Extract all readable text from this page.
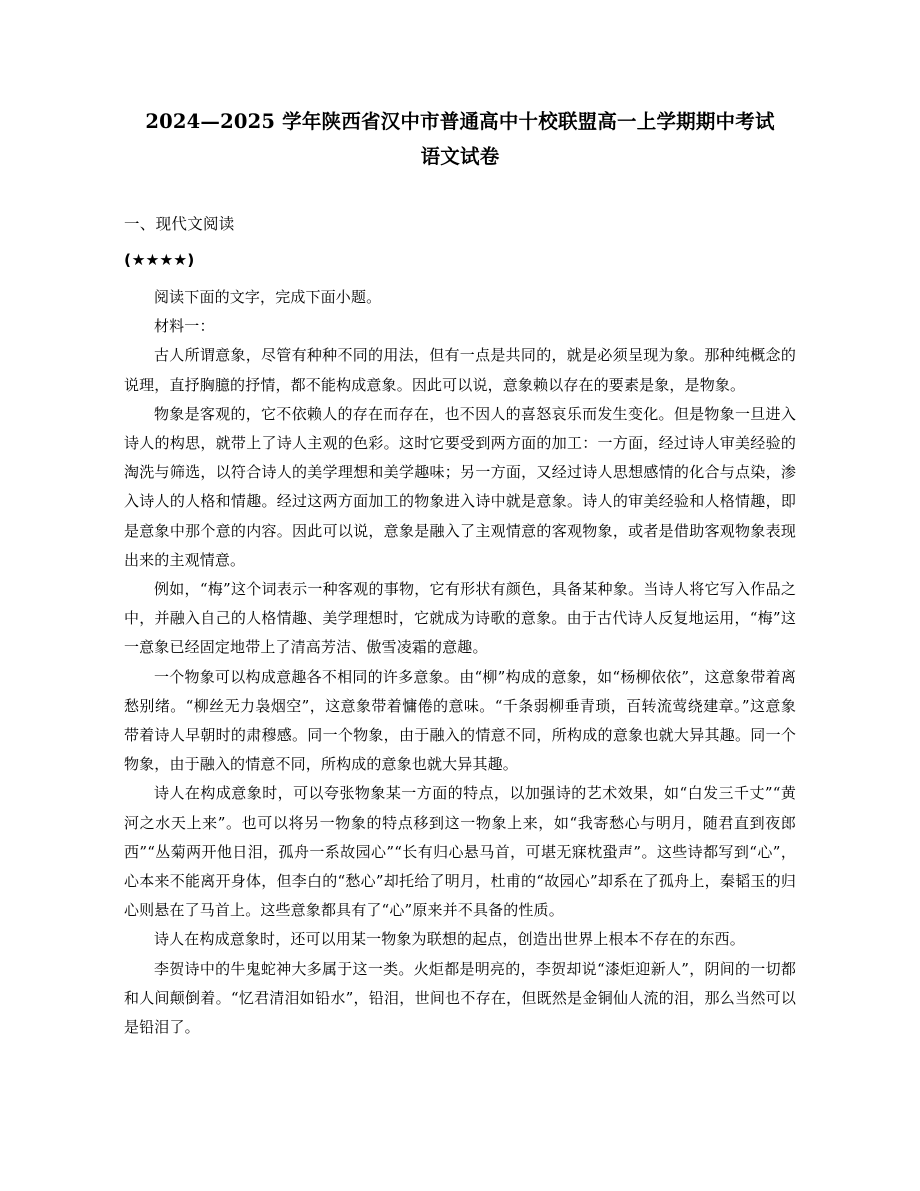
2024—2025 学年陕西省汉中市普通高中十校联盟高一上学期期中考试
语文试卷
一、现代文阅读
(★★★★)

阅读下面的文字，完成下面小题。

材料一：

古人所谓意象，尽管有种种不同的用法，但有一点是共同的，就是必须呈现为象。那种纯概念的说理，直抒胸臆的抒情，都不能构成意象。因此可以说，意象赖以存在的要素是象，是物象。

物象是客观的，它不依赖人的存在而存在，也不因人的喜怒哀乐而发生变化。但是物象一旦进入诗人的构思，就带上了诗人主观的色彩。这时它要受到两方面的加工：一方面，经过诗人审美经验的淘洗与筛选，以符合诗人的美学理想和美学趣味；另一方面，又经过诗人思想感情的化合与点染，渗入诗人的人格和情趣。经过这两方面加工的物象进入诗中就是意象。诗人的审美经验和人格情趣，即是意象中那个意的内容。因此可以说，意象是融入了主观情意的客观物象，或者是借助客观物象表现出来的主观情意。

例如，“梅”这个词表示一种客观的事物，它有形状有颜色，具备某种象。当诗人将它写入作品之中，并融入自己的人格情趣、美学理想时，它就成为诗歌的意象。由于古代诗人反复地运用，“梅”这一意象已经固定地带上了清高芳洁、傲雪凌霜的意趣。

一个物象可以构成意趣各不相同的许多意象。由“柳”构成的意象，如“杨柳依依”，这意象带着离愁别绪。“柳丝无力袅烟空”，这意象带着慵倦的意味。“千条弱柳垂青琐，百转流莺绕建章。”这意象带着诗人早朝时的肃穆感。同一个物象，由于融入的情意不同，所构成的意象也就大异其趣。同一个物象，由于融入的情意不同，所构成的意象也就大异其趣。

诗人在构成意象时，可以夸张物象某一方面的特点，以加强诗的艺术效果，如“白发三千丈”“黄河之水天上来”。也可以将另一物象的特点移到这一物象上来，如“我寄愁心与明月，随君直到夜郎西”“丛菊两开他日泪，孤舟一系故园心”“长有归心悬马首，可堪无寐枕蛩声”。这些诗都写到“心”，心本来不能离开身体，但李白的“愁心”却托给了明月，杜甫的“故园心”却系在了孤舟上，秦韬玉的归心则悬在了马首上。这些意象都具有了“心”原来并不具备的性质。

诗人在构成意象时，还可以用某一物象为联想的起点，创造出世界上根本不存在的东西。

李贺诗中的牛鬼蛇神大多属于这一类。火炬都是明亮的，李贺却说“漆炬迎新人”，阴间的一切都和人间颠倒着。“忆君清泪如铅水”，铅泪，世间也不存在，但既然是金铜仙人流的泪，那么当然可以是铅泪了。
